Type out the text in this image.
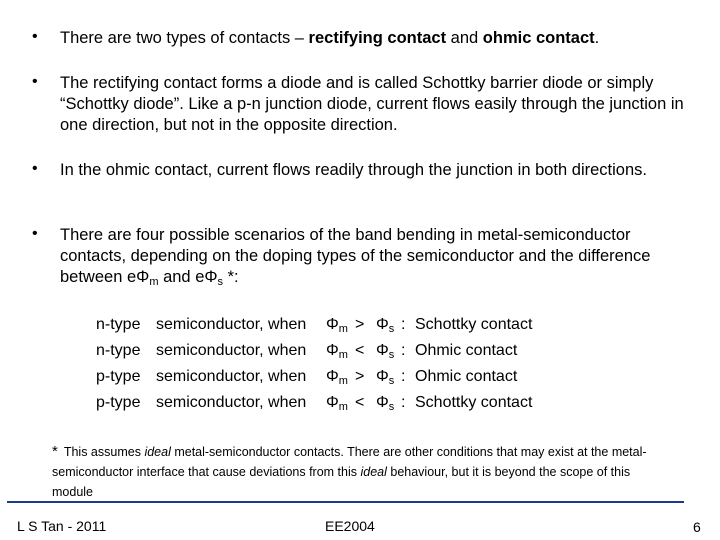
• There are two types of contacts – rectifying contact and ohmic contact.
• The rectifying contact forms a diode and is called Schottky barrier diode or simply “Schottky diode”. Like a p-n junction diode, current flows easily through the junction in one direction, but not in the opposite direction.
• In the ohmic contact, current flows readily through the junction in both directions.
• There are four possible scenarios of the band bending in metal-semiconductor contacts, depending on the doping types of the semiconductor and the difference between $e\Phi_m$ and $e\Phi_s$ *:
n-type semiconductor, when $\Phi_m > \Phi_s$ : Schottky contact
n-type semiconductor, when $\Phi_m < \Phi_s$ : Ohmic contact
p-type semiconductor, when $\Phi_m > \Phi_s$ : Ohmic contact
p-type semiconductor, when $\Phi_m < \Phi_s$ : Schottky contact
* This assumes ideal metal-semiconductor contacts. There are other conditions that may exist at the metal-semiconductor interface that cause deviations from this ideal behaviour, but it is beyond the scope of this module
L S Tan - 2011	EE2004	6
